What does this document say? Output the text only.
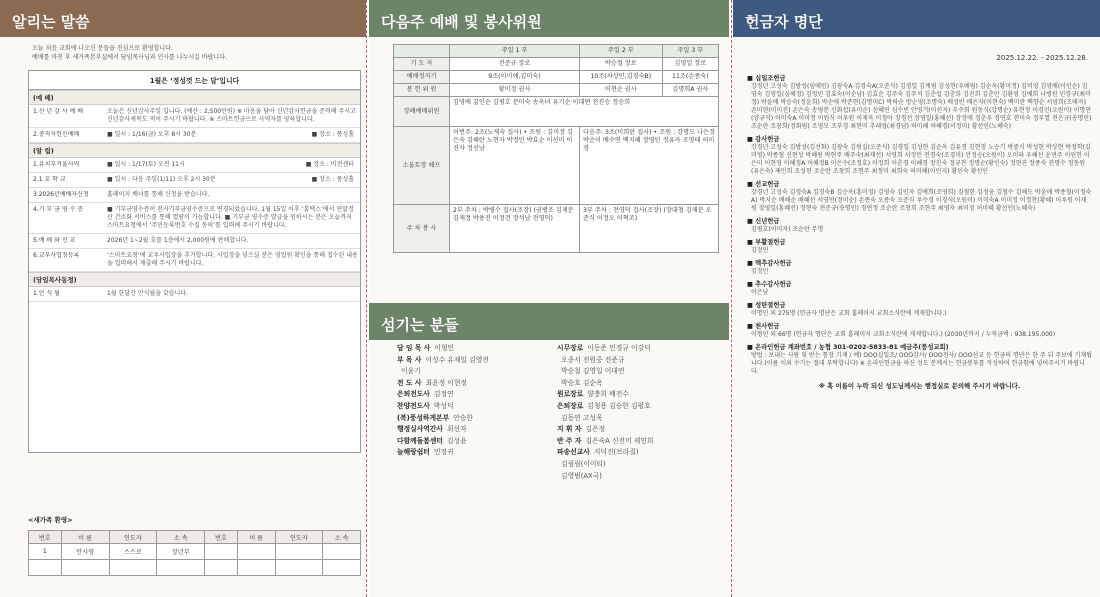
알리는 말씀
오늘 처음 교회에 나오신 분들을 진심으로 환영합니다.
예배를 마친 후 새가족본부실에서 담임목사님과 인사를 나누시길 바랍니다.
1월은 ‘정성껏 드는 달’입니다
(예 배)
1.신 년 감 사 예 배	오늘은 신년감사주일 입니다. (예산 : 2,500만원) ※ 마음을 담아 신년감사헌금을 준비해 주시고 신년감사제목도 적어 주시기 바랍니다. ※ 스마트헌금으로 사역자를 양육합니다.
2.중직자헌신예배	■ 장소 : 풍성홀
■ 일시 : 1/16(금) 오후 8시 30분
(알 림)
1.유치부겨울사역	■ 장소 : 비전센터
■ 일시 : 1/17(토) 오전 11시
2.1 호 학 교	■ 장소 : 풍성홀
■ 일시 : 다음 주일(1/11) 오후 2시 30분
3.2026년예배자신청	홈페이지 배너를 통해 신청을 받습니다.
4.기 부 금 영 수 증	■ 기부금영수증이 전자기부금영수증으로 변경되었습니다. 1월 15일 이후 ‘홈택스’에서 연말정산 간소화 서비스를 통해 열람이 가능합니다. ■ 기부금 영수증 발급을 원하시는 분은 오늘까지 스마트요청에서 ‘주민등록번호 수집 동의’를 입력해 주시기 바랍니다.
5.예 배 와 선 교	2026년 1~2월 호를 1층에서 2,000원에 판매합니다.
6.교우사업정등록	‘스마트요청’에 교우사업장을 추가합니다. 사업장을 넣으실 분은 영업원 확인을 통해 접수된 내용을 입력해서 제출해 주시기 바랍니다.
(담임목사동정)
1.안 식 월	1월 한달간 안식월을 갖습니다.
<새가족 환영>
번호	이 름	인도자	소 속	번호	이 름	인도자	소 속
1	안시영	스스로	장년부				

다음주 예배 및 봉사위원
	주일 1 부	주일 2 부	주일 3 부
기 도 자	전준규 장로	박승철 장로	김영일 장로
예배정지기	9조(이미애,김미숙)	10조(차상민,김경숙B)	11조(손종숙)
봉 헌 위 원	황미정 권사	이현순 권사	김명희A 권사
장례예배위원	김영배 김인순 김평호 문미숙 송옥녀 유기순 이대연 전진승 정승희		
소울토장 쉐프	이번주: 2조(노재숙 집사) • 조원 : 김미정 김은숙 김혜란 노현자 박정민 박효순 이선미 이진자 정선남	다음주: 3조(이희란 집사) • 조원 : 강명도 나은정 박순이 배수연 백지혜 장영민 정유자 조영태 허미경	
주 차 봉 사	2부 주차 : 박병수 집사(조장) (권병조 김재문 김재정 박용진 이정건 장석남 전영덕)	3부 주차 : 전영덕 집사(조장) (장대철 김재문 오준식 이정오 이혁조)	
섬기는 분들
담 임 목 사 이형민	시무장로 이동준 민경규 이강덕
부 목 사 이성수 유재일 김영전	오종서 전원중 전준규
이윤기	박승철 김영일 이대연
전 도 사 최윤정 이현정	박승호 김순옥
은퇴전도사 김정연	원로장로 양충희 배전수
찬양전도사 박성덕	은퇴장로 김청용 김승한 김평호
(복)풍성하게본부 안승한	김동연 고성욱
행정실사역간사 최선자	지 휘 자 김은정
다함께돌봄센터 김성윤	반 주 자 김은숙A 신전미 제민희
늘해랑쉼터 민정귀	파송선교사 지덕진(브라질)
김림림(이이티)
김영범(AX국)
헌금자 명단
2025.12.22. - 2025.12.28.
■ 십일조헌금
강경년 고성숙 김방성(임애민) 김광숙A 김경숙A(오준식) 김경일 김계림 김성현(우애림) 김순옥(황미정) 김비영 김영배(이인순) 김영숙 김영일(심혜정) 김정민 김효숙(이순남) 김효순 김주숙 김주석 김춘섭 김춘희 김진희 김춘만 김환영 김예희 나병원 민경규(최미정) 박윤애 박승숙(정윤희) 박순애 박준현(김명미C) 박하순 방순영(조명숙) 배성빈 배은자(이현숙) 백미란 백향순 서영희(조태자) 손미현(이미진) 손은숙 송영분 신화섭(유미순) 신혜연 심수빈 안영기(이선자) 우수희 원동식(강명순) 유현정 이경민(오원이) 이명연(양규석) 이미숙A 이미정 이원식 이우원 이재욱 이정아 장경선 장영일(홍혜선) 장정애 정춘우 정연호 전미숙 정부열 천은규(송명민) 조순란 조창희(정화림) 조영모 조부경 최현미 추래영(최경남) 허미혜 허혜경(서정미) 황선인(노혜숙)
■ 감사헌금
강경년 고성숙 김방성(김선화) 김광숙 김원실(오준식) 김경일 김성현 김순옥 김유경 김현정 노승기 박중식 박성현 박상현 박정학(김미영) 박종철 신현성 박혜원 박현주 배주숙(최재선) 서영희 서정민 전경숙(조경미) 안정승(오원이) 오미라 우혜선 윤연주 이원헌 이은미 이현영 이혜정A 이혜정B 이은수(조정호) 이정희 이춘경 이혜경 장진숙 정규찬 정명순(황인숙) 정현진 장종숙 전명수 정동원(유은숙) 제민희 조성현 조순란 조창희 조현주 최정미 최희숙 허미혜(이민지) 황인숙 황선인
■ 선교헌금
강경년 고성숙 김경숙A 김경숙B 김순옥(홍미정) 김영숙 김인자 김예희(조영희) 김철한 김정웅 김철수 김해도 박윤애 박종철(이정숙A) 박지순 배해순 배혜선 서영민(정미순) 손종숙 오종숙 오준식 우수경 이경식(오원이) 이미숙A 이미정 이정찬(황혜) 이우원 이재원 장영일(홍혜선) 장현숙 전준규(송명민) 정연정 조순란 조창희 조현주 최영자 최미정 허미혜 황선인(노혜숙)
■ 신년헌금
김평호(이미자) 조순란 무명
■ 부활절헌금
김정민
■ 맥추감사헌금
김정민
■ 추수감사헌금
이은남
■ 성탄절헌금
이명민 외 275명 (헌금자 명단은 교회 홈페이지 교회소식란에 게재합니다.)
■ 천사헌금
이형민 외 66명 (헌금자 명단은 교회 홈페이지 교회소식란에 게재합니다.) (2030년까지 / 누적금액 : 938,195,000)
■ 온라인헌금 계좌번호 / 농협 301-0202-5833-81 예금주(풍성교회)
방법 : 보내는 사람 및 받는 통장 기재 / 예) OOO십일조/ OOO감사/ OOO천사/ OOO선교 등 헌금의 명단은 한 주 뒤 주보에 기재됩니다.(이름 이외 수기는 절대 부탁합니다) ※ 온라인헌금을 하신 성도 분께서는 헌금봉투를 작성하여 헌금함에 넣어주시기 바랍니다.
※ 혹 이름이 누락 되신 성도님께서는 행정실로 문의해 주시기 바랍니다.
